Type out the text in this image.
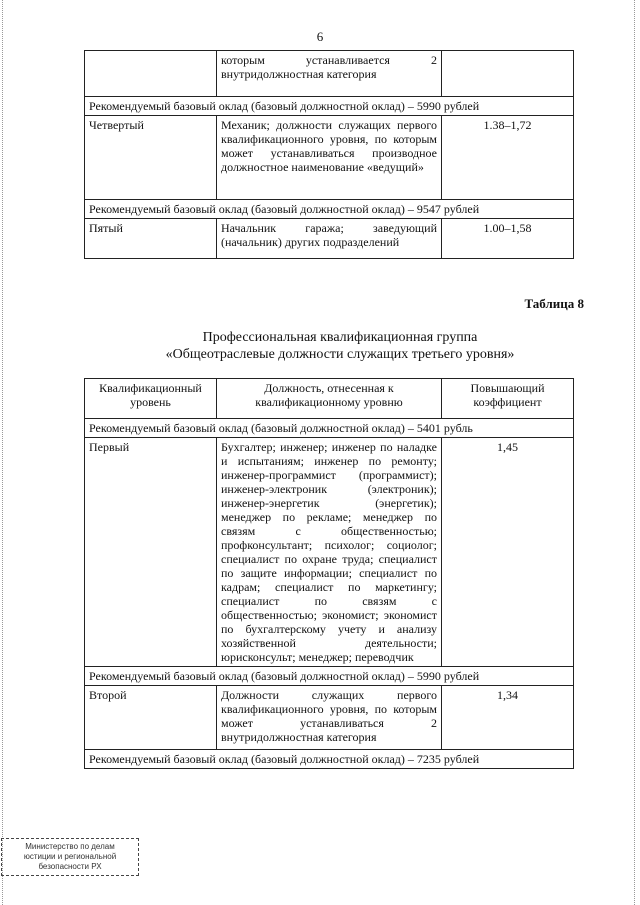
6
	которым устанавливается 2 внутридолжностная категория	
Рекомендуемый базовый оклад (базовый должностной оклад) – 5990 рублей		
Четвертый	Механик; должности служащих первого квалификационного уровня, по которым может устанавливаться производное должностное наименование «ведущий»	1.38–1,72
Рекомендуемый базовый оклад (базовый должностной оклад) – 9547 рублей		
Пятый	Начальник гаража; заведующий (начальник) других подразделений	1.00–1,58
Таблица 8
Профессиональная квалификационная группа
«Общеотраслевые должности служащих третьего уровня»
Квалификационный уровень	Должность, отнесенная к квалификационному уровню	Повышающий коэффициент
Рекомендуемый базовый оклад (базовый должностной оклад) – 5401 рубль		
Первый	Бухгалтер; инженер; инженер по наладке и испытаниям; инженер по ремонту; инженер-программист (программист); инженер-электроник (электроник); инженер-энергетик (энергетик); менеджер по рекламе; менеджер по связям с общественностью; профконсультант; психолог; социолог; специалист по охране труда; специалист по защите информации; специалист по кадрам; специалист по маркетингу; специалист по связям с общественностью; экономист; экономист по бухгалтерскому учету и анализу хозяйственной деятельности; юрисконсульт; менеджер; переводчик	1,45
Рекомендуемый базовый оклад (базовый должностной оклад) – 5990 рублей		
Второй	Должности служащих первого квалификационного уровня, по которым может устанавливаться 2 внутридолжностная категория	1,34
Рекомендуемый базовый оклад (базовый должностной оклад) – 7235 рублей		
Министерство по делам
юстиции и региональной
безопасности РХ
